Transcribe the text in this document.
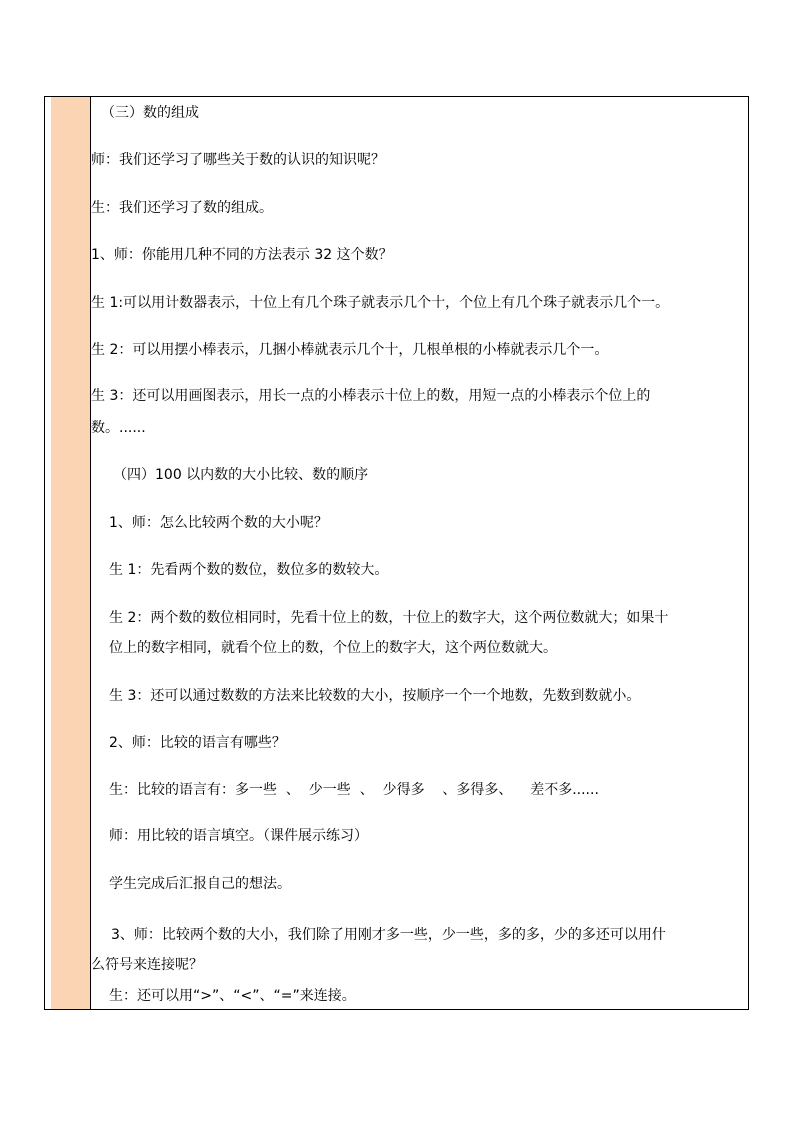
（三）数的组成
师：我们还学习了哪些关于数的认识的知识呢？
生：我们还学习了数的组成。
1、师：你能用几种不同的方法表示 32 这个数？
生 1:可以用计数器表示，十位上有几个珠子就表示几个十，个位上有几个珠子就表示几个一。
生 2：可以用摆小棒表示，几捆小棒就表示几个十，几根单根的小棒就表示几个一。
生 3：还可以用画图表示，用长一点的小棒表示十位上的数，用短一点的小棒表示个位上的
数。......
（四）100 以内数的大小比较、数的顺序
1、师：怎么比较两个数的大小呢？
生 1：先看两个数的数位，数位多的数较大。
生 2：两个数的数位相同时，先看十位上的数，十位上的数字大，这个两位数就大；如果十
位上的数字相同，就看个位上的数，个位上的数字大，这个两位数就大。
生 3：还可以通过数数的方法来比较数的大小，按顺序一个一个地数，先数到数就小。
2、师：比较的语言有哪些？
生：比较的语言有：多一些  、  少一些  、  少得多    、多得多、    差不多......
师：用比较的语言填空。（课件展示练习）
学生完成后汇报自己的想法。
3、师：比较两个数的大小，我们除了用刚才多一些，少一些，多的多，少的多还可以用什
么符号来连接呢？
生：还可以用“>”、“<”、“=”来连接。
